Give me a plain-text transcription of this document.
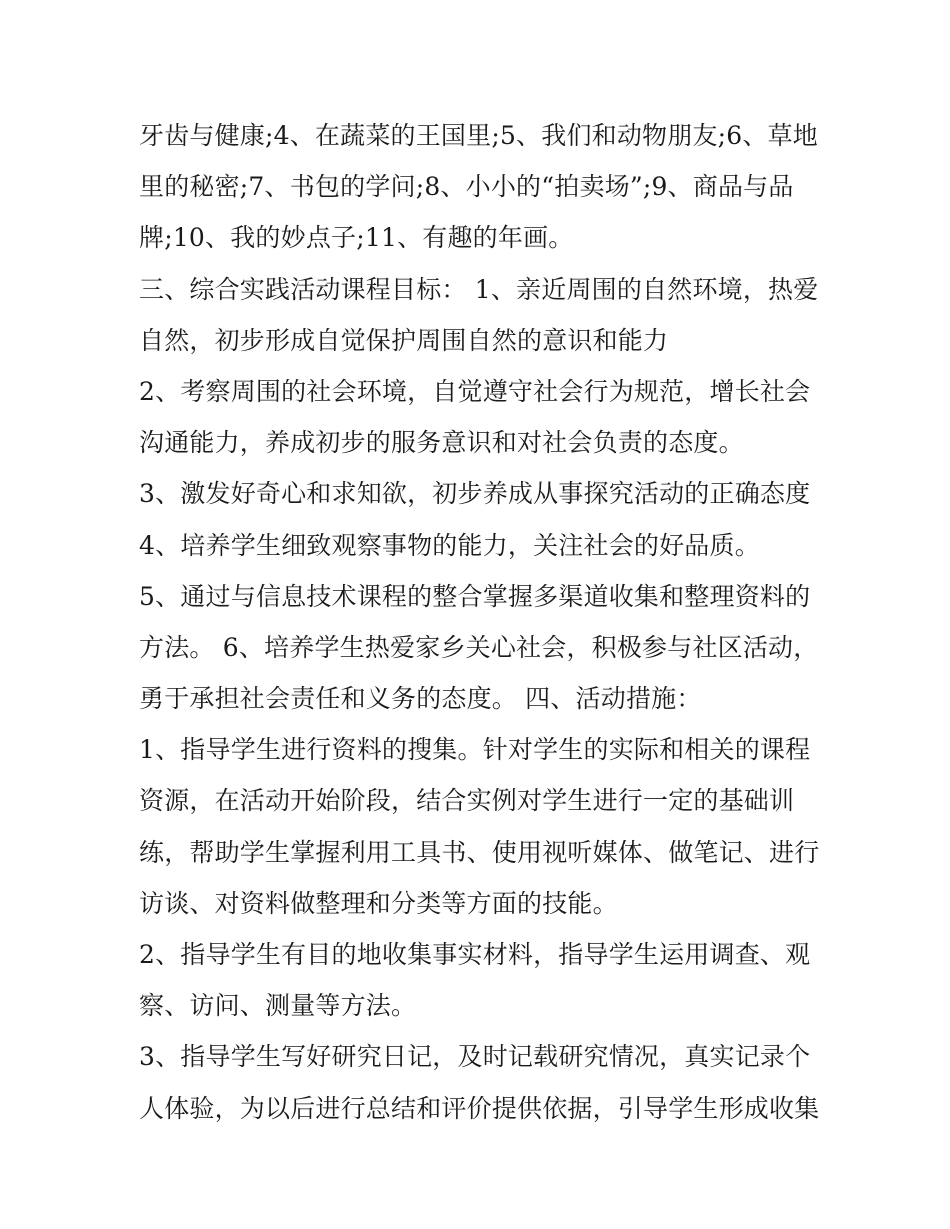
牙齿与健康;4、在蔬菜的王国里;5、我们和动物朋友;6、草地
里的秘密;7、书包的学问;8、小小的“拍卖场”;9、商品与品
牌;10、我的妙点子;11、有趣的年画。
三、综合实践活动课程目标： 1、亲近周围的自然环境，热爱
自然，初步形成自觉保护周围自然的意识和能力
2、考察周围的社会环境，自觉遵守社会行为规范，增长社会
沟通能力，养成初步的服务意识和对社会负责的态度。
3、激发好奇心和求知欲，初步养成从事探究活动的正确态度
4、培养学生细致观察事物的能力，关注社会的好品质。
5、通过与信息技术课程的整合掌握多渠道收集和整理资料的
方法。 6、培养学生热爱家乡关心社会，积极参与社区活动，
勇于承担社会责任和义务的态度。 四、活动措施：
1、指导学生进行资料的搜集。针对学生的实际和相关的课程
资源，在活动开始阶段，结合实例对学生进行一定的基础训
练，帮助学生掌握利用工具书、使用视听媒体、做笔记、进行
访谈、对资料做整理和分类等方面的技能。
2、指导学生有目的地收集事实材料，指导学生运用调查、观
察、访问、测量等方法。
3、指导学生写好研究日记，及时记载研究情况，真实记录个
人体验，为以后进行总结和评价提供依据，引导学生形成收集
